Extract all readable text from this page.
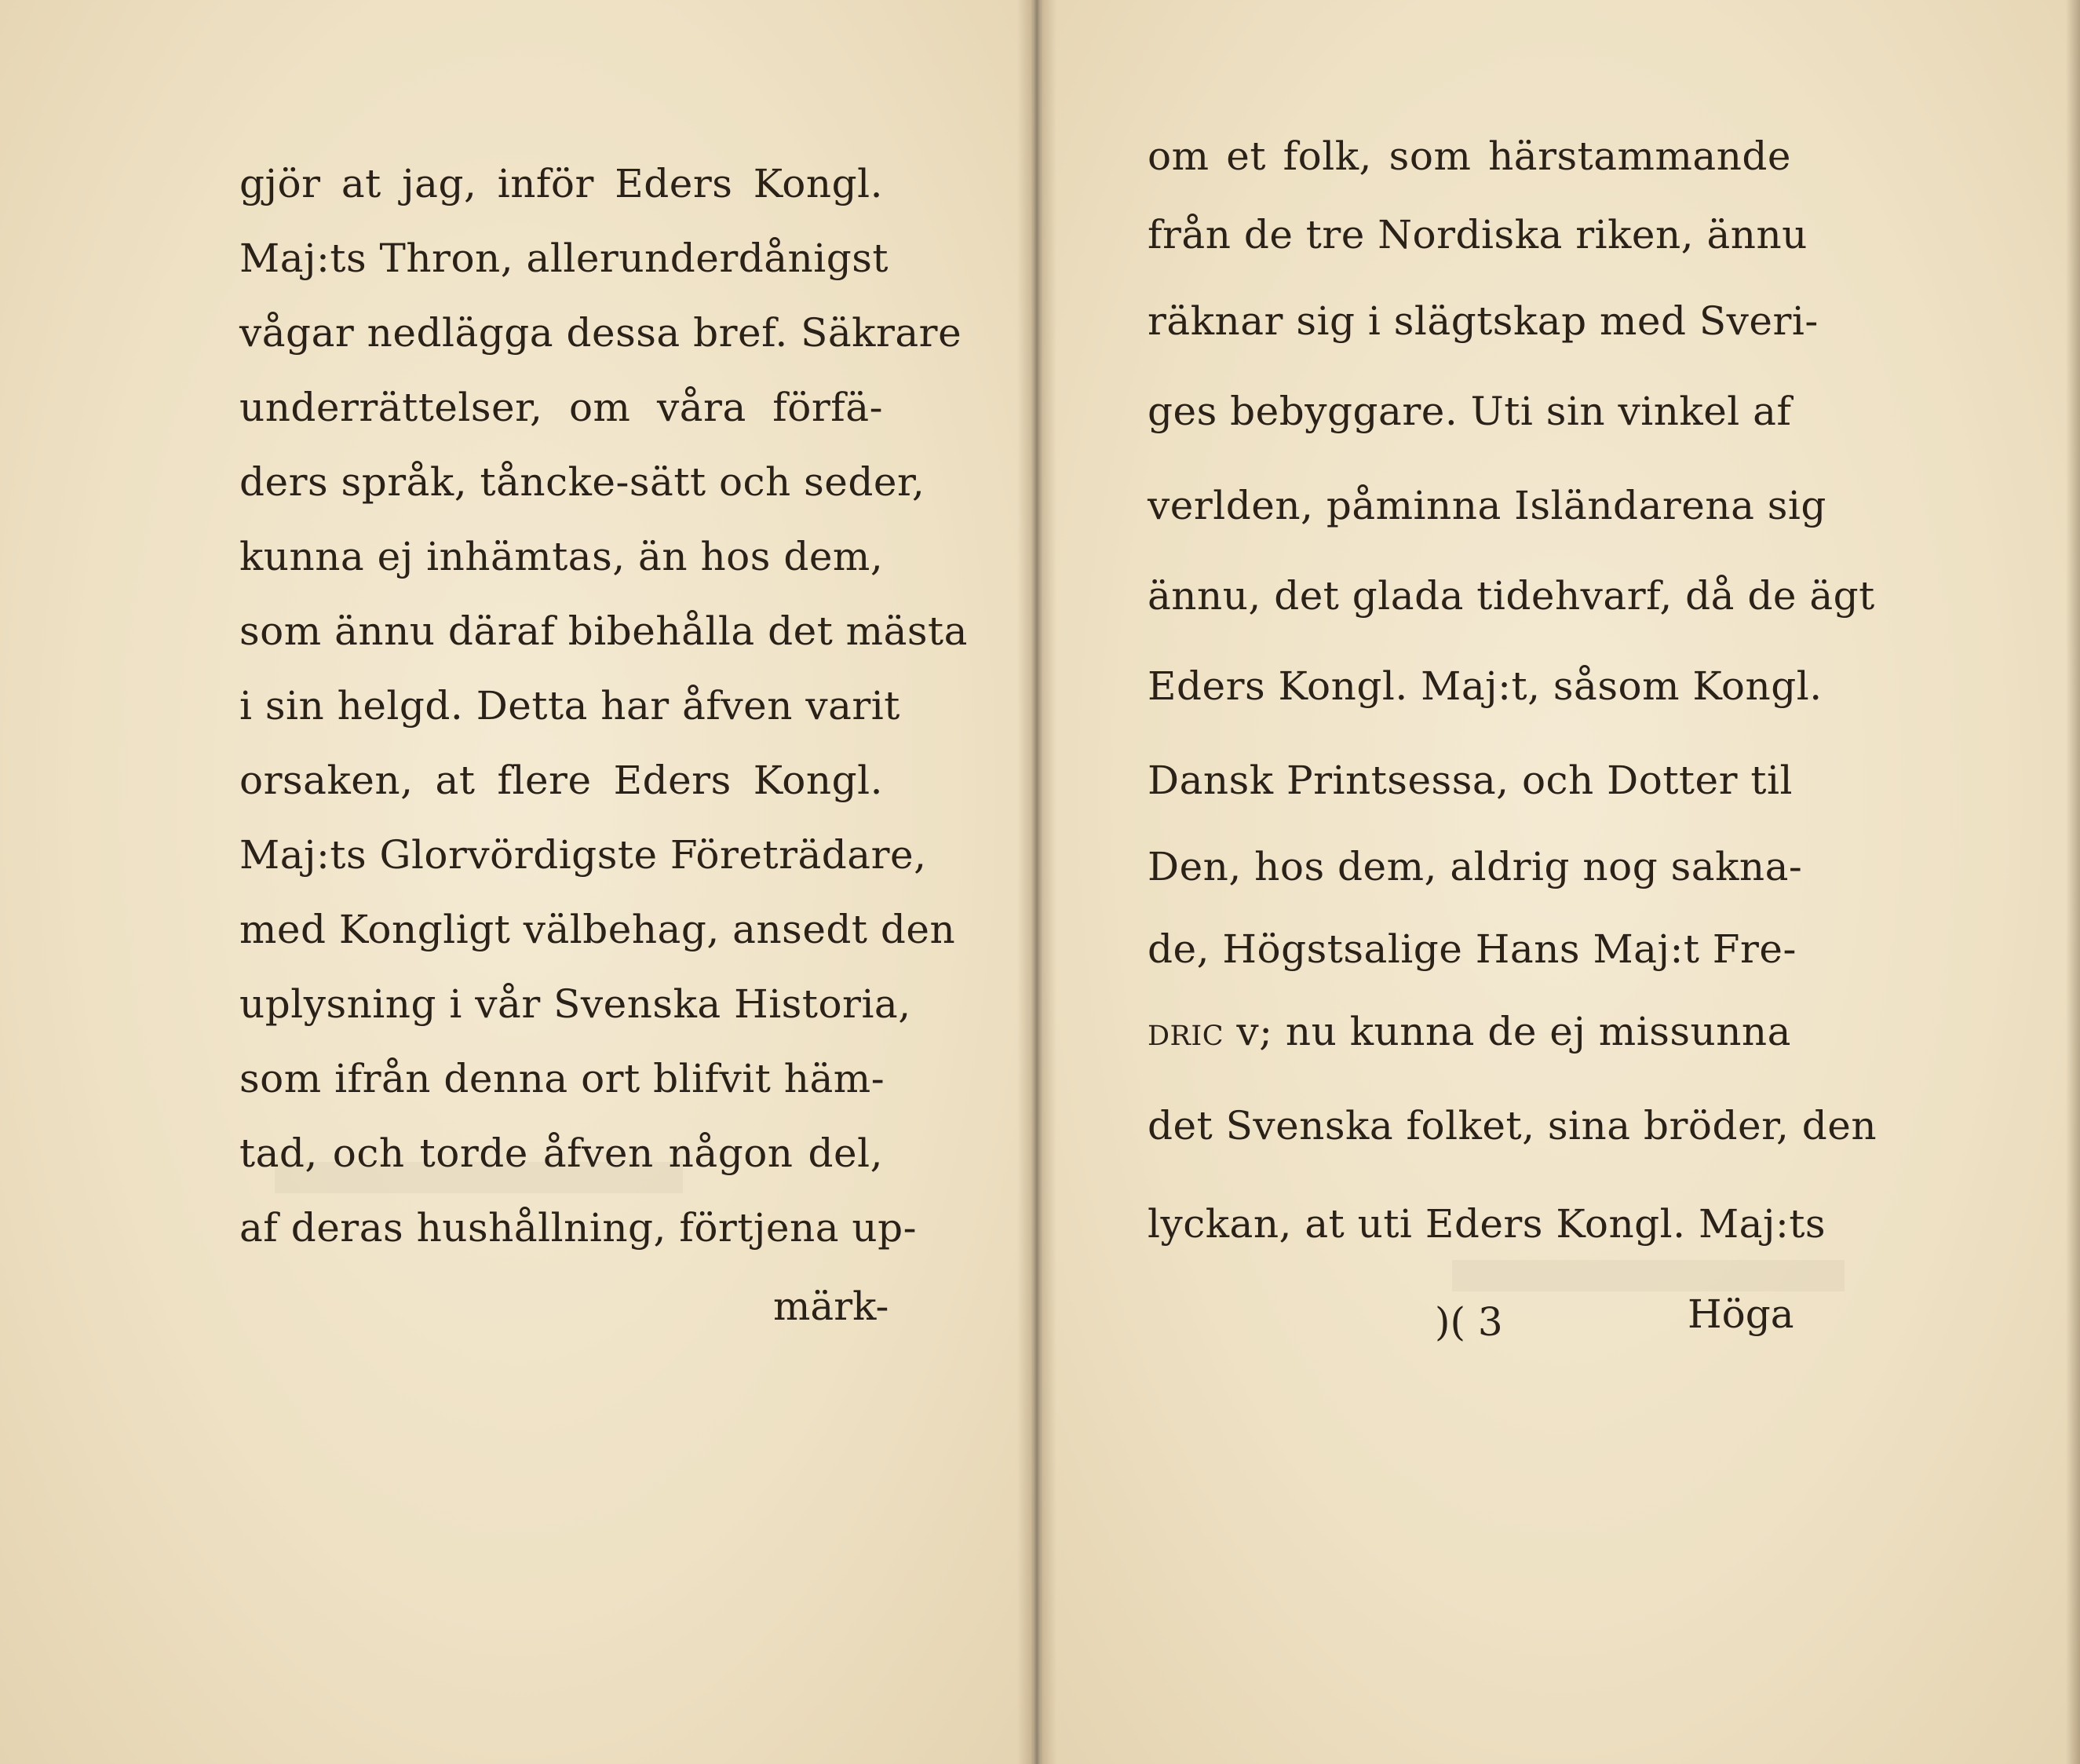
gjör at jag, inför Eders Kongl.
Maj:ts Thron, allerunderdånigst
vågar nedlägga dessa bref. Säkrare
underrättelser, om våra förfä-
ders språk, tåncke-sätt och seder,
kunna ej inhämtas, än hos dem,
som ännu däraf bibehålla det mästa
i sin helgd. Detta har åfven varit
orsaken, at flere Eders Kongl.
Maj:ts Glorvördigste Företrädare,
med Kongligt välbehag, ansedt den
uplysning i vår Svenska Historia,
som ifrån denna ort blifvit häm-
tad, och torde åfven någon del,
af deras hushållning, förtjena up-
märk-
om et folk, som härstammande
från de tre Nordiska riken, ännu
räknar sig i slägtskap med Sveri-
ges bebyggare. Uti sin vinkel af
verlden, påminna Isländarena sig
ännu, det glada tidehvarf, då de ägt
Eders Kongl. Maj:t, såsom Kongl.
Dansk Printsessa, och Dotter til
Den, hos dem, aldrig nog sakna-
de, Högstsalige Hans Maj:t Fre-
dric v; nu kunna de ej missunna
det Svenska folket, sina bröder, den
lyckan, at uti Eders Kongl. Maj:ts
)( 3	Höga
